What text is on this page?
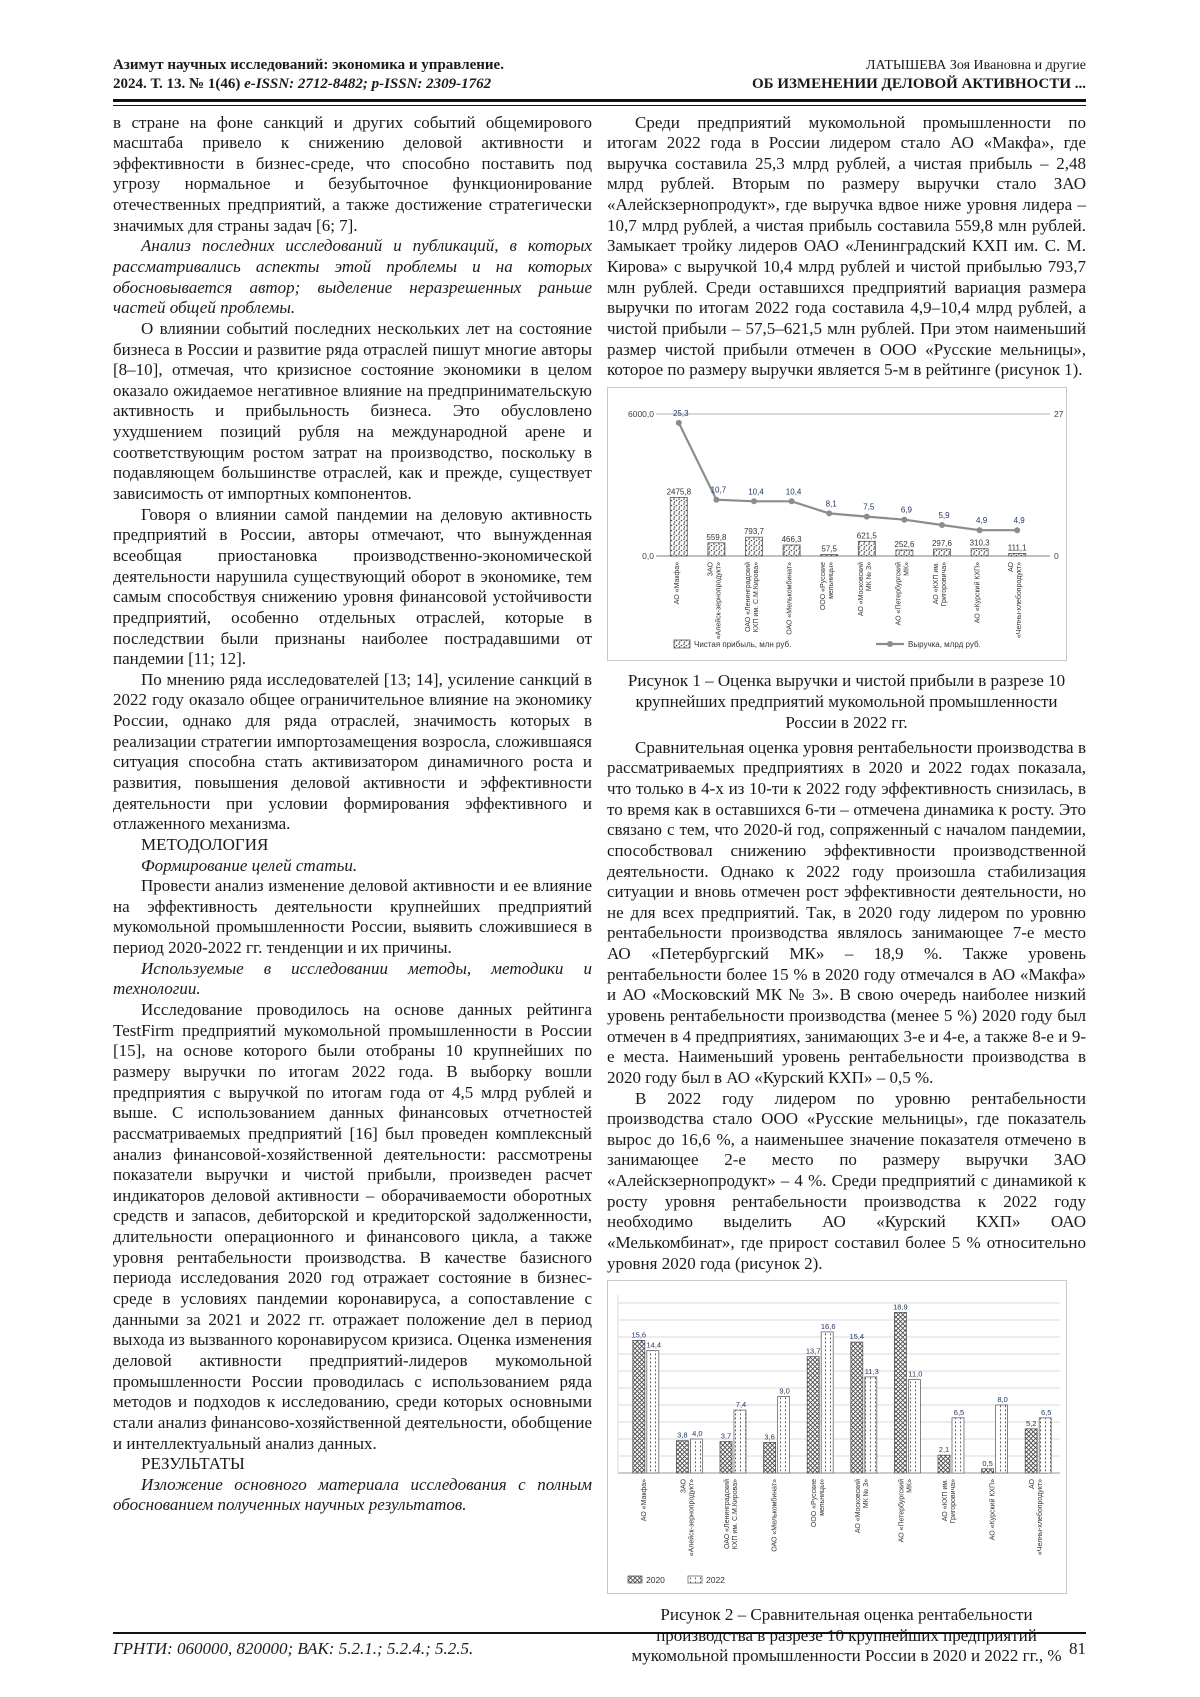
Азимут научных исследований: экономика и управление.
2024. Т. 13. № 1(46) e-ISSN: 2712-8482; p-ISSN: 2309-1762
ЛАТЫШЕВА Зоя Ивановна и другие
ОБ ИЗМЕНЕНИИ ДЕЛОВОЙ АКТИВНОСТИ ...

в стране на фоне санкций и других событий общемирового масштаба привело к снижению деловой активности и эффективности в бизнес-среде, что способно поставить под угрозу нормальное и безубыточное функционирование отечественных предприятий, а также достижение стратегически значимых для страны задач [6; 7].

Анализ последних исследований и публикаций, в которых рассматривались аспекты этой проблемы и на которых обосновывается автор; выделение неразрешенных раньше частей общей проблемы.

О влиянии событий последних нескольких лет на состояние бизнеса в России и развитие ряда отраслей пишут многие авторы [8–10], отмечая, что кризисное состояние экономики в целом оказало ожидаемое негативное влияние на предпринимательскую активность и прибыльность бизнеса. Это обусловлено ухудшением позиций рубля на международной арене и соответствующим ростом затрат на производство, поскольку в подавляющем большинстве отраслей, как и прежде, существует зависимость от импортных компонентов.

Говоря о влиянии самой пандемии на деловую активность предприятий в России, авторы отмечают, что вынужденная всеобщая приостановка производственно-экономической деятельности нарушила существующий оборот в экономике, тем самым способствуя снижению уровня финансовой устойчивости предприятий, особенно отдельных отраслей, которые в последствии были признаны наиболее пострадавшими от пандемии [11; 12].

По мнению ряда исследователей [13; 14], усиление санкций в 2022 году оказало общее ограничительное влияние на экономику России, однако для ряда отраслей, значимость которых в реализации стратегии импортозамещения возросла, сложившаяся ситуация способна стать активизатором динамичного роста и развития, повышения деловой активности и эффективности деятельности при условии формирования эффективного и отлаженного механизма.

МЕТОДОЛОГИЯ

Формирование целей статьи.

Провести анализ изменение деловой активности и ее влияние на эффективность деятельности крупнейших предприятий мукомольной промышленности России, выявить сложившиеся в период 2020-2022 гг. тенденции и их причины.

Используемые в исследовании методы, методики и технологии.

Исследование проводилось на основе данных рейтинга TestFirm предприятий мукомольной промышленности в России [15], на основе которого были отобраны 10 крупнейших по размеру выручки по итогам 2022 года. В выборку вошли предприятия с выручкой по итогам года от 4,5 млрд рублей и выше. С использованием данных финансовых отчетностей рассматриваемых предприятий [16] был проведен комплексный анализ финансовой-хозяйственной деятельности: рассмотрены показатели выручки и чистой прибыли, произведен расчет индикаторов деловой активности – оборачиваемости оборотных средств и запасов, дебиторской и кредиторской задолженности, длительности операционного и финансового цикла, а также уровня рентабельности производства. В качестве базисного периода исследования 2020 год отражает состояние в бизнес-среде в условиях пандемии коронавируса, а сопоставление с данными за 2021 и 2022 гг. отражает положение дел в период выхода из вызванного коронавирусом кризиса. Оценка изменения деловой активности предприятий-лидеров мукомольной промышленности России проводилась с использованием ряда методов и подходов к исследованию, среди которых основными стали анализ финансово-хозяйственной деятельности, обобщение и интеллектуальный анализ данных.

РЕЗУЛЬТАТЫ

Изложение основного материала исследования с полным обоснованием полученных научных результатов.

Среди предприятий мукомольной промышленности по итогам 2022 года в России лидером стало АО «Макфа», где выручка составила 25,3 млрд рублей, а чистая прибыль – 2,48 млрд рублей. Вторым по размеру выручки стало ЗАО «Алейскзернопродукт», где выручка вдвое ниже уровня лидера – 10,7 млрд рублей, а чистая прибыль составила 559,8 млн рублей. Замыкает тройку лидеров ОАО «Ленинградский КХП им. С. М. Кирова» с выручкой 10,4 млрд рублей и чистой прибылью 793,7 млн рублей. Среди оставшихся предприятий вариация размера выручки по итогам 2022 года составила 4,9–10,4 млрд рублей, а чистой прибыли – 57,5–621,5 млн рублей. При этом наименьший размер чистой прибыли отмечен в ООО «Русские мельницы», которое по размеру выручки является 5-м в рейтинге (рисунок 1).

6000,0
0,0
27
0
2475,8
559,8
793,7
466,3
57,5
621,5
252,6 297,6 310,3
111,1
25,3
10,7	10,4	10,4
8,1	7,5	6,9
5,9
4,9	4,9
АО «Макфа»	ЗАО «Алейск-зернопродукт»	ОАО «Ленинградский КХП им. С.М.Кирова»	ОАО «Мелькомбинат»	ООО «Русские мельницы»	АО «Московский МК № 3»	АО «Петербургский МК»	АО «КХП им. Григоровича»	АО «Курский КХП»	АО «Челны-хлебопродукт»
Чистая прибыль, млн руб.	Выручка, млрд руб.
Рисунок 1 – Оценка выручки и чистой прибыли в разрезе 10 крупнейших предприятий мукомольной промышленности России в 2022 гг.

Сравнительная оценка уровня рентабельности производства в рассматриваемых предприятиях в 2020 и 2022 годах показала, что только в 4-х из 10-ти к 2022 году эффективность снизилась, в то время как в оставшихся 6-ти – отмечена динамика к росту. Это связано с тем, что 2020-й год, сопряженный с началом пандемии, способствовал снижению эффективности производственной деятельности. Однако к 2022 году произошла стабилизация ситуации и вновь отмечен рост эффективности деятельности, но не для всех предприятий. Так, в 2020 году лидером по уровню рентабельности производства являлось занимающее 7-е место АО «Петербургский МК» – 18,9 %. Также уровень рентабельности более 15 % в 2020 году отмечался в АО «Макфа» и АО «Московский МК № 3». В свою очередь наиболее низкий уровень рентабельности производства (менее 5 %) 2020 году был отмечен в 4 предприятиях, занимающих 3-е и 4-е, а также 8-е и 9-е места. Наименьший уровень рентабельности производства в 2020 году был в АО «Курский КХП» – 0,5 %.

В 2022 году лидером по уровню рентабельности производства стало ООО «Русские мельницы», где показатель вырос до 16,6 %, а наименьшее значение показателя отмечено в занимающее 2-е место по размеру выручки ЗАО «Алейскзернопродукт» – 4 %. Среди предприятий с динамикой к росту уровня рентабельности производства к 2022 году необходимо выделить АО «Курский КХП» ОАО «Мелькомбинат», где прирост составил более 5 % относительно уровня 2020 года (рисунок 2).

15,6
14,4
3,8 4,0 3,7
7,4
3,6
9,0
13,7
16,6
15,4
11,3
18,9
11,0
2,1
6,5
0,5
8,0
5,2
6,5
АО «Макфа»	ЗАО «Алейск-зернопродукт»	ОАО «Ленинградский КХП им. С.М.Кирова»	ОАО «Мелькомбинат»	ООО «Русские мельницы»	АО «Московский МК № 3»	АО «Петербургский МК»	АО «КХП им. Григоровича»	АО «Курский КХП»	АО «Челны-хлебопродукт»
2020	2022
Рисунок 2 – Сравнительная оценка рентабельности производства в разрезе 10 крупнейших предприятий мукомольной промышленности России в 2020 и 2022 гг., %
ГРНТИ: 060000, 820000; ВАК: 5.2.1.; 5.2.4.; 5.2.5.	81
